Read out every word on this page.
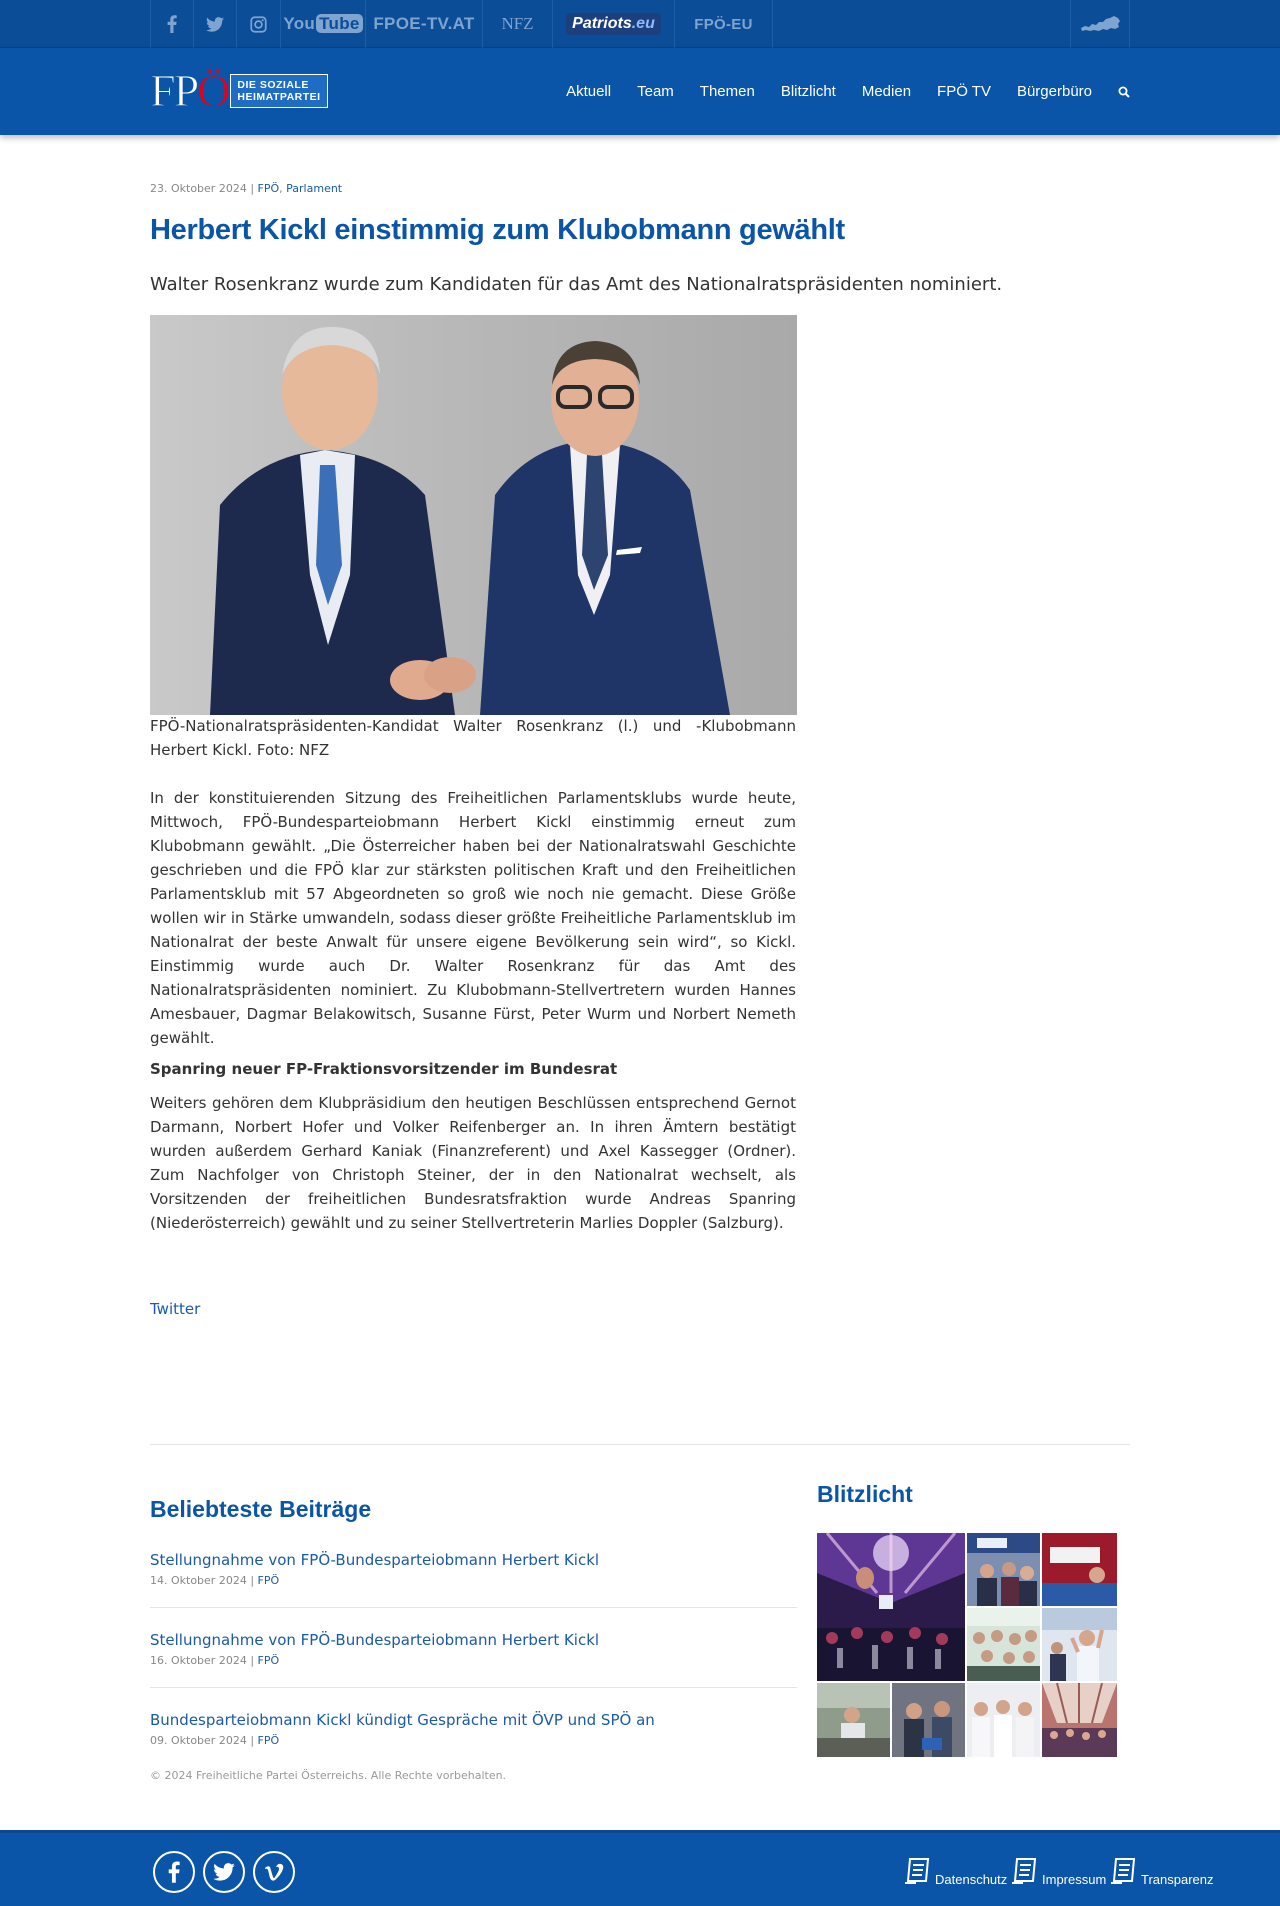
You Tube FPOE-TV.AT NFZ	Patriots.eu	FPÖ-EU
FPÖ DIE SOZIALE
HEIMATPARTEI	Aktuell Team Themen Blitzlicht Medien FPÖ TV Bürgerbüro
23. Oktober 2024 | FPÖ, Parlament
Herbert Kickl einstimmig zum Klubobmann gewählt

Walter Rosenkranz wurde zum Kandidaten für das Amt des Nationalratspräsidenten nominiert.

FPÖ-Nationalratspräsidenten-Kandidat Walter Rosenkranz (l.) und -Klubobmann Herbert Kickl. Foto: NFZ

In der konstituierenden Sitzung des Freiheitlichen Parlamentsklubs wurde heute, Mittwoch, FPÖ-Bundesparteiobmann Herbert Kickl einstimmig erneut zum Klubobmann gewählt. „Die Österreicher haben bei der Nationalratswahl Geschichte geschrieben und die FPÖ klar zur stärksten politischen Kraft und den Freiheitlichen Parlamentsklub mit 57 Abgeordneten so groß wie noch nie gemacht. Diese Größe wollen wir in Stärke umwandeln, sodass dieser größte Freiheitliche Parlamentsklub im Nationalrat der beste Anwalt für unsere eigene Bevölkerung sein wird“, so Kickl. Einstimmig wurde auch Dr. Walter Rosenkranz für das Amt des Nationalratspräsidenten nominiert. Zu Klubobmann-Stellvertretern wurden Hannes Amesbauer, Dagmar Belakowitsch, Susanne Fürst, Peter Wurm und Norbert Nemeth gewählt.

Spanring neuer FP-Fraktionsvorsitzender im Bundesrat

Weiters gehören dem Klubpräsidium den heutigen Beschlüssen entsprechend Gernot Darmann, Norbert Hofer und Volker Reifenberger an. In ihren Ämtern bestätigt wurden außerdem Gerhard Kaniak (Finanzreferent) und Axel Kassegger (Ordner). Zum Nachfolger von Christoph Steiner, der in den Nationalrat wechselt, als Vorsitzenden der freiheitlichen Bundesratsfraktion wurde Andreas Spanring (Niederösterreich) gewählt und zu seiner Stellvertreterin Marlies Doppler (Salzburg).

Twitter
Beliebteste Beiträge
Stellungnahme von FPÖ-Bundesparteiobmann Herbert Kickl
14. Oktober 2024 | FPÖ
Stellungnahme von FPÖ-Bundesparteiobmann Herbert Kickl
16. Oktober 2024 | FPÖ
Bundesparteiobmann Kickl kündigt Gespräche mit ÖVP und SPÖ an
09. Oktober 2024 | FPÖ

© 2024 Freiheitliche Partei Österreichs. Alle Rechte vorbehalten.

Blitzlicht
Datenschutz	Impressum	Transparenz
